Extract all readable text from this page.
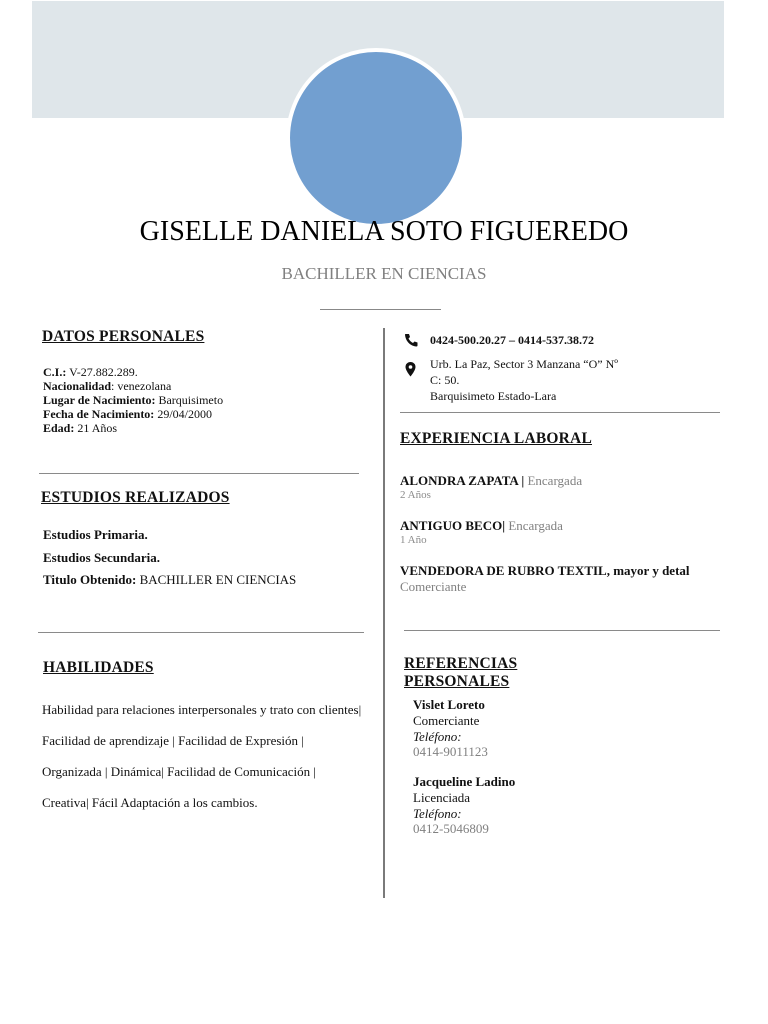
GISELLE DANIELA SOTO FIGUEREDO
BACHILLER EN CIENCIAS
DATOS PERSONALES
C.I.: V-27.882.289.
Nacionalidad: venezolana
Lugar de Nacimiento: Barquisimeto
Fecha de Nacimiento: 29/04/2000
Edad: 21 Años
ESTUDIOS REALIZADOS
Estudios Primaria.
Estudios Secundaria.
Titulo Obtenido: BACHILLER EN CIENCIAS
HABILIDADES
Habilidad para relaciones interpersonales y trato con clientes| Facilidad de aprendizaje | Facilidad de Expresión | Organizada | Dinámica| Facilidad de Comunicación | Creativa| Fácil Adaptación a los cambios.
0424-500.20.27 – 0414-537.38.72
Urb. La Paz, Sector 3 Manzana “O” Nº
C: 50.
Barquisimeto Estado-Lara
EXPERIENCIA LABORAL
ALONDRA ZAPATA | Encargada
2 Años
ANTIGUO BECO| Encargada
1 Año
VENDEDORA DE RUBRO TEXTIL, mayor y detal
Comerciante
REFERENCIAS PERSONALES
Vislet Loreto
Comerciante
Teléfono:
0414-9011123
Jacqueline Ladino
Licenciada
Teléfono:
0412-5046809
